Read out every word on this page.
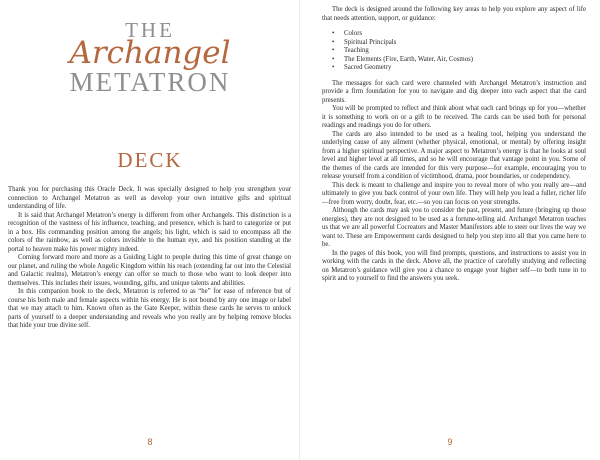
THE
Archangel
METATRON
DECK

Thank you for purchasing this Oracle Deck. It was specially designed to help you strengthen your connection to Archangel Metatron as well as develop your own intuitive gifts and spiritual understanding of life.

It is said that Archangel Metatron’s energy is different from other Archangels. This distinction is a recognition of the vastness of his influence, teaching, and presence, which is hard to categorize or put in a box. His commanding position among the angels; his light, which is said to encompass all the colors of the rainbow, as well as colors invisible to the human eye, and his position standing at the portal to heaven make his power mighty indeed.

Coming forward more and more as a Guiding Light to people during this time of great change on our planet, and ruling the whole Angelic Kingdom within his reach (extending far out into the Celestial and Galactic realms), Metatron’s energy can offer so much to those who want to look deeper into themselves. This includes their issues, wounding, gifts, and unique talents and abilities.

In this companion book to the deck, Metatron is referred to as “he” for ease of reference but of course his both male and female aspects within his energy. He is not bound by any one image or label that we may attach to him. Known often as the Gate Keeper, within these cards he serves to unlock parts of yourself to a deeper understanding and reveals who you really are by helping remove blocks that hide your true divine self.

8

The deck is designed around the following key areas to help you explore any aspect of life that needs attention, support, or guidance:

• Colors
• Spiritual Principals
• Teaching
• The Elements (Fire, Earth, Water, Air, Cosmos)
• Sacred Geometry

The messages for each card were channeled with Archangel Metatron’s instruction and provide a firm foundation for you to navigate and dig deeper into each aspect that the card presents.

You will be prompted to reflect and think about what each card brings up for you—whether it is something to work on or a gift to be received. The cards can be used both for personal readings and readings you do for others.

The cards are also intended to be used as a healing tool, helping you understand the underlying cause of any ailment (whether physical, emotional, or mental) by offering insight from a higher spiritual perspective. A major aspect to Metatron’s energy is that he looks at soul level and higher level at all times, and so he will encourage that vantage point in you. Some of the themes of the cards are intended for this very purpose—for example, encouraging you to release yourself from a condition of victimhood, drama, poor boundaries, or codependency.

This deck is meant to challenge and inspire you to reveal more of who you really are—and ultimately to give you back control of your own life. They will help you lead a fuller, richer life—free from worry, doubt, fear, etc.—so you can focus on your strengths.

Although the cards may ask you to consider the past, present, and future (bringing up those energies), they are not designed to be used as a fortune-telling aid. Archangel Metatron teaches us that we are all powerful Cocreators and Master Manifestors able to steer our lives the way we want to. These are Empowerment cards designed to help you step into all that you came here to be.

In the pages of this book, you will find prompts, questions, and instructions to assist you in working with the cards in the deck. Above all, the practice of carefully studying and reflecting on Metatron’s guidance will give you a chance to engage your higher self—to both tune in to spirit and to yourself to find the answers you seek.

9
